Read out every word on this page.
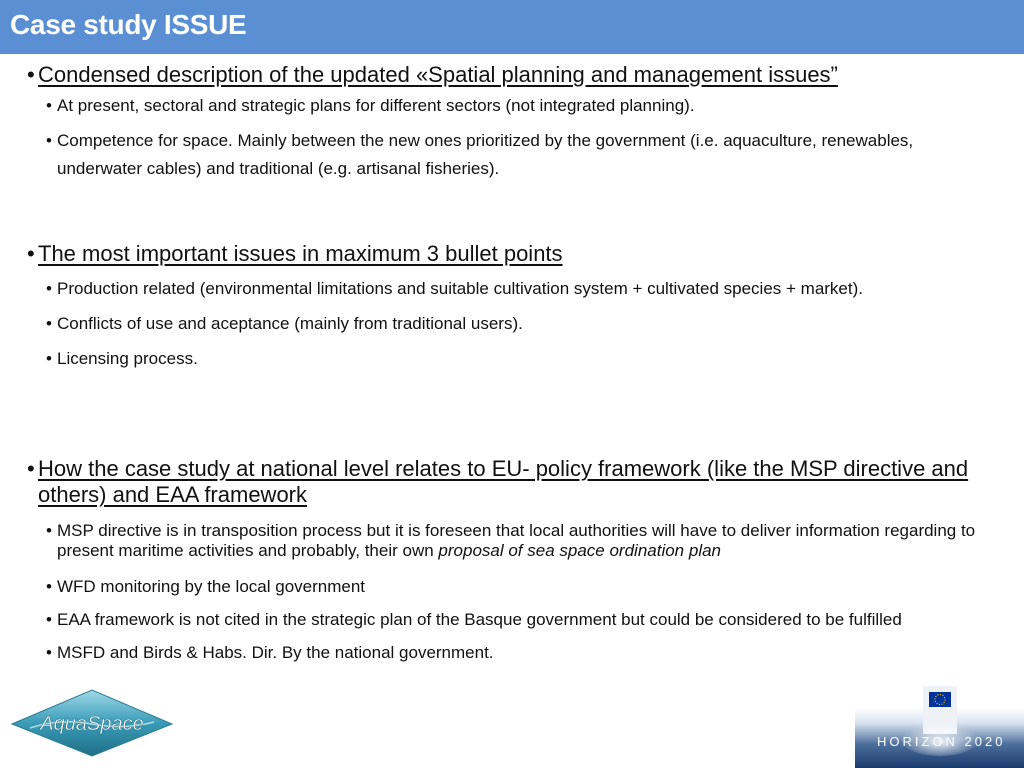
Case study ISSUE
• Condensed description of the updated «Spatial planning and management issues”
• At present, sectoral and strategic plans for different sectors (not integrated planning).
• Competence for space. Mainly between the new ones prioritized by the government (i.e. aquaculture, renewables, underwater cables) and traditional (e.g. artisanal fisheries).
• The most important issues in maximum 3 bullet points
• Production related (environmental limitations and suitable cultivation system + cultivated species + market).
• Conflicts of use and aceptance (mainly from traditional users).
• Licensing process.
• How the case study at national level relates to EU- policy framework (like the MSP directive and others) and EAA framework
• MSP directive is in transposition process but it is foreseen that local authorities will have to deliver information regarding to present maritime activities and probably, their own proposal of sea space ordination plan
• WFD monitoring by the local government
• EAA framework is not cited in the strategic plan of the Basque government but could be considered to be fulfilled
• MSFD and Birds & Habs. Dir. By the national government.
AquaSpace
HORIZON 2020
